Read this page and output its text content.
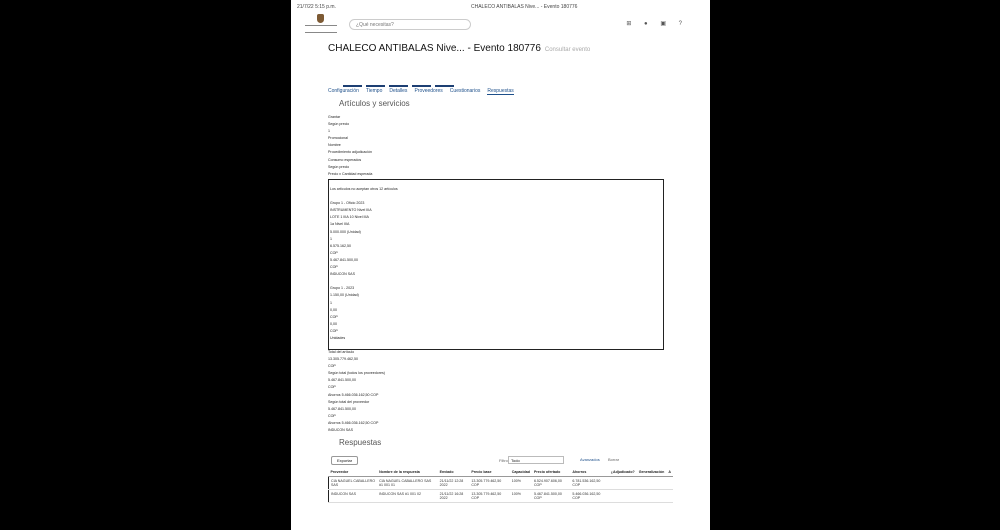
21/7/22 5:15 p.m.	CHALECO ANTIBALAS Nive... - Evento 180776
¿Qué necesitas?	⊞ ● ▣ ?
CHALECO ANTIBALAS Nive... - Evento 180776 Consultar evento
Configuración Tiempo Detalles Proveedores Cuestionarios Respuestas
Artículos y servicios
Grantar
Según precio
1
Promocional
Nombre
Procedimiento adjudicación
Consumo esperados
Según precio
Precio x Cantidad esperada
Los artículos no aceptan otros 12 artículos

Grupo 1 - Oficio 2023
INSTRUMENTO Nivel IIIA
LOTE 1 IIIA 10 Nivel IIIA
1a Nivel IIIA
5.000.000 (Unidad)
1
6.575.162,50
COP
5.467.841.500,00
COP
INDUCON SAS

Grupo 1 - 2023
1.150,00 (Unidad)
1
0,00
COP
0,00
COP
Unidades
Total del artículo
13.305.779.462,50
COP
Según total (todos los proveedores)
5.467.841.500,00
COP
Ahorros 5.466.036.162,50 COP
Según total del proveedor
5.467.841.500,00
COP
Ahorros 5.466.036.162,50 COP
INDUCON SAS
Respuestas
Exportar	Filtro Todo	Avanzados Borrar
Proveedor	Nombre de la respuesta	Enviado	Precio base	Capacidad	Precio ofertado	Ahorros	¿Adjudicado?	Generalización	A
CIA NAGUEL CABALLERO SAS	CIA NAGUEL CABALLERO SAS #1 001 01	21/11/22 12:28 2022	13.305.779.462,50 COP	100%	6.524.907.606,00 COP	6.781.536.162,50 COP			
INDUCON SAS	INDUCON SAS #1 001 02	21/11/22 16:28 2022	13.305.779.462,50 COP	100%	5.467.841.500,00 COP	5.466.036.162,50 COP			
